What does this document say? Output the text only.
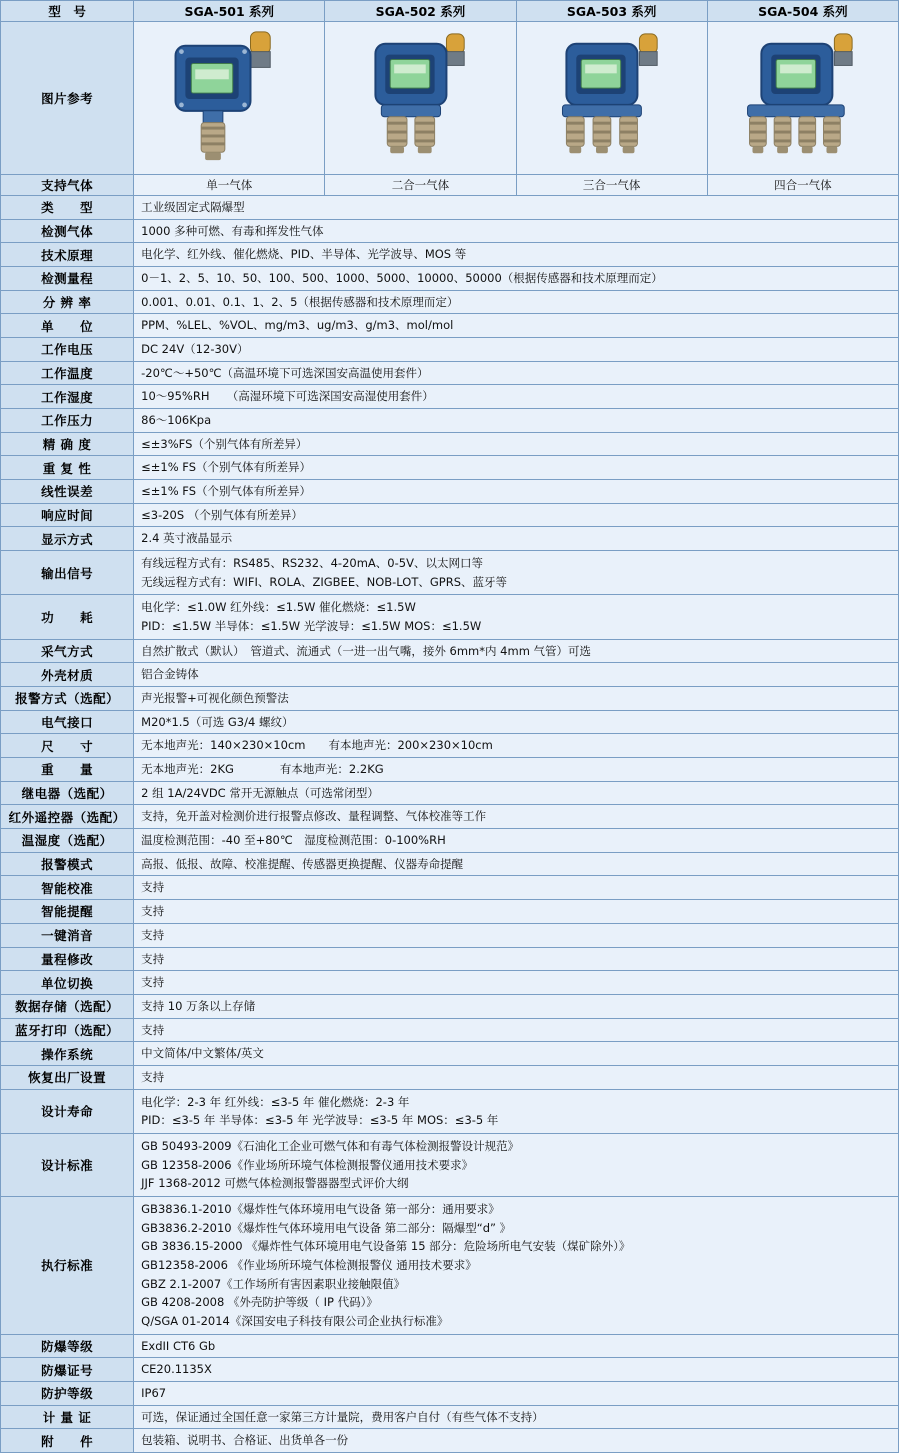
型　号	SGA-501 系列	SGA-502 系列	SGA-503 系列	SGA-504 系列
图片参考	

支持气体	单一气体	二合一气体	三合一气体	四合一气体
类　　型	工业级固定式隔爆型			
检测气体	1000 多种可燃、有毒和挥发性气体			
技术原理	电化学、红外线、催化燃烧、PID、半导体、光学波导、MOS 等			
检测量程	0－1、2、5、10、50、100、500、1000、5000、10000、50000（根据传感器和技术原理而定）			
分 辨 率	0.001、0.01、0.1、1、2、5（根据传感器和技术原理而定）			
单　　位	PPM、%LEL、%VOL、mg/m3、ug/m3、g/m3、mol/mol			
工作电压	DC 24V（12-30V）			
工作温度	-20℃～+50℃（高温环境下可选深国安高温使用套件）			
工作湿度	10～95%RH　　（高湿环境下可选深国安高湿使用套件）			
工作压力	86～106Kpa			
精 确 度	≤±3%FS（个别气体有所差异）			
重 复 性	≤±1% FS（个别气体有所差异）			
线性误差	≤±1% FS（个别气体有所差异）			
响应时间	≤3-20S （个别气体有所差异）			
显示方式	2.4 英寸液晶显示			
输出信号	有线远程方式有：RS485、RS232、4-20mA、0-5V、以太网口等
无线远程方式有：WIFI、ROLA、ZIGBEE、NOB-LOT、GPRS、蓝牙等			

功　　耗	电化学：≤1.0W 红外线：≤1.5W 催化燃烧：≤1.5W
PID：≤1.5W 半导体：≤1.5W 光学波导：≤1.5W MOS：≤1.5W			

采气方式	自然扩散式（默认）　管道式、流通式（一进一出气嘴，接外 6mm*内 4mm 气管）可选			
外壳材质	铝合金铸体			
报警方式（选配）	声光报警+可视化颜色预警法			
电气接口	M20*1.5（可选 G3/4 螺纹）			
尺　　寸	无本地声光：140×230×10cm　　有本地声光：200×230×10cm			
重　　量	无本地声光：2KG　　　　有本地声光：2.2KG			
继电器（选配）	2 组 1A/24VDC 常开无源触点（可选常闭型）			
红外遥控器（选配）	支持，免开盖对检测价进行报警点修改、量程调整、气体校准等工作			
温湿度（选配）	温度检测范围：-40 至+80℃　湿度检测范围：0-100%RH			
报警模式	高报、低报、故障、校准提醒、传感器更换提醒、仪器寿命提醒			
智能校准	支持			
智能提醒	支持			
一键消音	支持			
量程修改	支持			
单位切换	支持			
数据存储（选配）	支持 10 万条以上存储			
蓝牙打印（选配）	支持			
操作系统	中文简体/中文繁体/英文			
恢复出厂设置	支持			
设计寿命	电化学：2-3 年 红外线：≤3-5 年 催化燃烧：2-3 年
PID：≤3-5 年 半导体：≤3-5 年 光学波导：≤3-5 年 MOS：≤3-5 年			

设计标准	GB 50493-2009《石油化工企业可燃气体和有毒气体检测报警设计规范》
GB 12358-2006《作业场所环境气体检测报警仪通用技术要求》
JJF 1368-2012 可燃气体检测报警器器型式评价大纲			

执行标准	
GB3836.1-2010《爆炸性气体环境用电气设备 第一部分：通用要求》
GB3836.2-2010《爆炸性气体环境用电气设备 第二部分：隔爆型“d” 》
GB 3836.15-2000 《爆炸性气体环境用电气设备第 15 部分：危险场所电气安装（煤矿除外）》
GB12358-2006 《作业场所环境气体检测报警仪 通用技术要求》
GBZ 2.1-2007《工作场所有害因素职业接触限值》
GB 4208-2008 《外壳防护等级（ IP 代码）》
Q/SGA 01-2014《深国安电子科技有限公司企业执行标准》

防爆等级	ExdII CT6 Gb			
防爆证号	CE20.1135X			
防护等级	IP67			
计 量 证	可选，保证通过全国任意一家第三方计量院，费用客户自付（有些气体不支持）			
附　　件	包装箱、说明书、合格证、出货单各一份			
